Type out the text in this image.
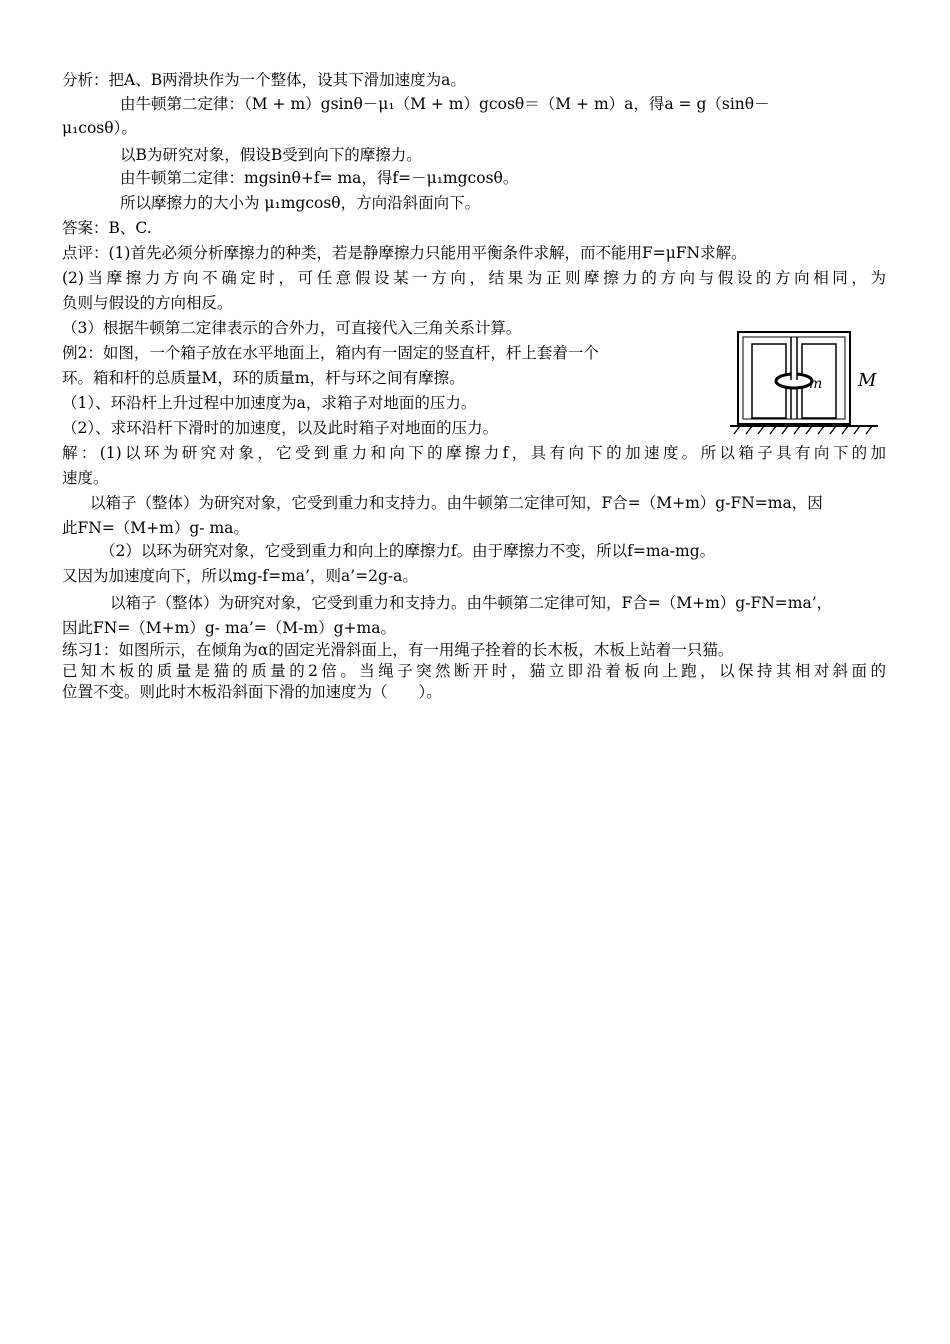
分析：把A、B两滑块作为一个整体，设其下滑加速度为a。
由牛顿第二定律：（M + m）gsinθ－μ₁（M + m）gcosθ＝（M + m）a，得a = g（sinθ－
μ₁cosθ）。
以B为研究对象，假设B受到向下的摩擦力。
由牛顿第二定律：mgsinθ+f= ma，得f=－μ₁mgcosθ。
所以摩擦力的大小为 μ₁mgcosθ，方向沿斜面向下。
答案：B、C.
点评：(1)首先必须分析摩擦力的种类，若是静摩擦力只能用平衡条件求解，而不能用F=μFN求解。
(2)当摩擦力方向不确定时，可任意假设某一方向，结果为正则摩擦力的方向与假设的方向相同，为
负则与假设的方向相反。
（3）根据牛顿第二定律表示的合外力，可直接代入三角关系计算。
例2：如图，一个箱子放在水平地面上，箱内有一固定的竖直杆，杆上套着一个
环。箱和杆的总质量M，环的质量m，杆与环之间有摩擦。
（1）、环沿杆上升过程中加速度为a，求箱子对地面的压力。
（2）、求环沿杆下滑时的加速度，以及此时箱子对地面的压力。
m M
解：(1)以环为研究对象，它受到重力和向下的摩擦力f，具有向下的加速度。所以箱子具有向下的加
速度。
以箱子（整体）为研究对象，它受到重力和支持力。由牛顿第二定律可知，F合=（M+m）g-FN=ma，因
此FN=（M+m）g- ma。
（2）以环为研究对象，它受到重力和向上的摩擦力f。由于摩擦力不变，所以f=ma-mg。
又因为加速度向下，所以mg-f=ma’，则a’=2g-a。
以箱子（整体）为研究对象，它受到重力和支持力。由牛顿第二定律可知，F合=（M+m）g-FN=ma’，
因此FN=（M+m）g- ma’=（M-m）g+ma。
练习1：如图所示，在倾角为α的固定光滑斜面上，有一用绳子拴着的长木板，木板上站着一只猫。
已知木板的质量是猫的质量的2倍。当绳子突然断开时，猫立即沿着板向上跑，以保持其相对斜面的
位置不变。则此时木板沿斜面下滑的加速度为（　　）。
